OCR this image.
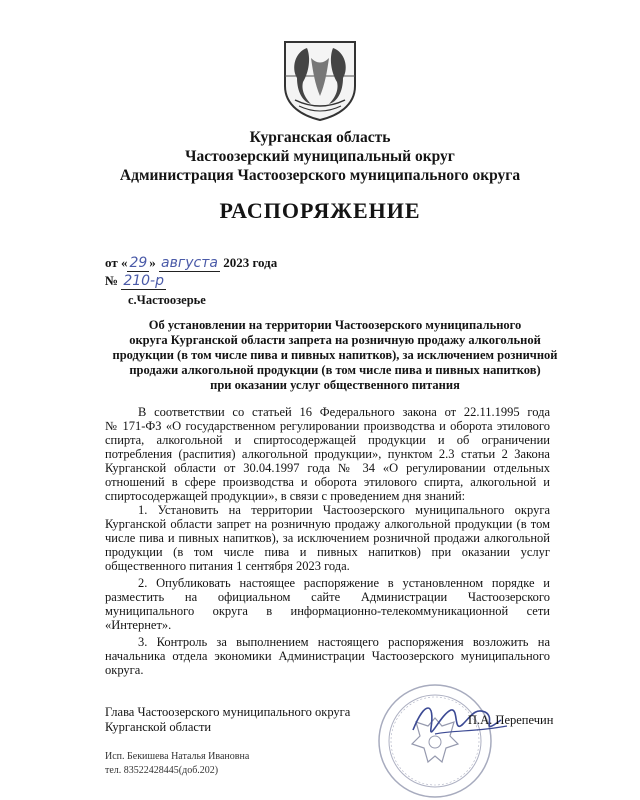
Курганская область
Частоозерский муниципальный округ
Администрация Частоозерского муниципального округа
РАСПОРЯЖЕНИЕ
от « 29 » августа 2023 года
№ 210-р
с.Частоозерье
Об установлении на территории Частоозерского муниципального
округа Курганской области запрета на розничную продажу алкогольной
продукции (в том числе пива и пивных напитков), за исключением розничной
продажи алкогольной продукции (в том числе пива и пивных напитков)
при оказании услуг общественного питания
В соответствии со статьей 16 Федерального закона от 22.11.1995 года
№ 171-ФЗ «О государственном регулировании производства и оборота этилового
спирта, алкогольной и спиртосодержащей продукции и об ограничении
потребления (распития) алкогольной продукции», пунктом 2.3 статьи 2 Закона
Курганской области от 30.04.1997 года № 34 «О регулировании отдельных
отношений в сфере производства и оборота этилового спирта, алкогольной и
спиртосодержащей продукции», в связи с проведением дня знаний:
1. Установить на территории Частоозерского муниципального округа
Курганской области запрет на розничную продажу алкогольной продукции (в том
числе пива и пивных напитков), за исключением розничной продажи алкогольной
продукции (в том числе пива и пивных напитков) при оказании услуг
общественного питания 1 сентября 2023 года.
2. Опубликовать настоящее распоряжение в установленном порядке и
разместить на официальном сайте Администрации Частоозерского
муниципального округа в информационно-телекоммуникационной сети
«Интернет».
3. Контроль за выполнением настоящего распоряжения возложить на
начальника отдела экономики Администрации Частоозерского муниципального
округа.
Глава Частоозерского муниципального округа
Курганской области	П.А. Перепечин
Исп. Бекишева Наталья Ивановна
тел. 83522428445(доб.202)
